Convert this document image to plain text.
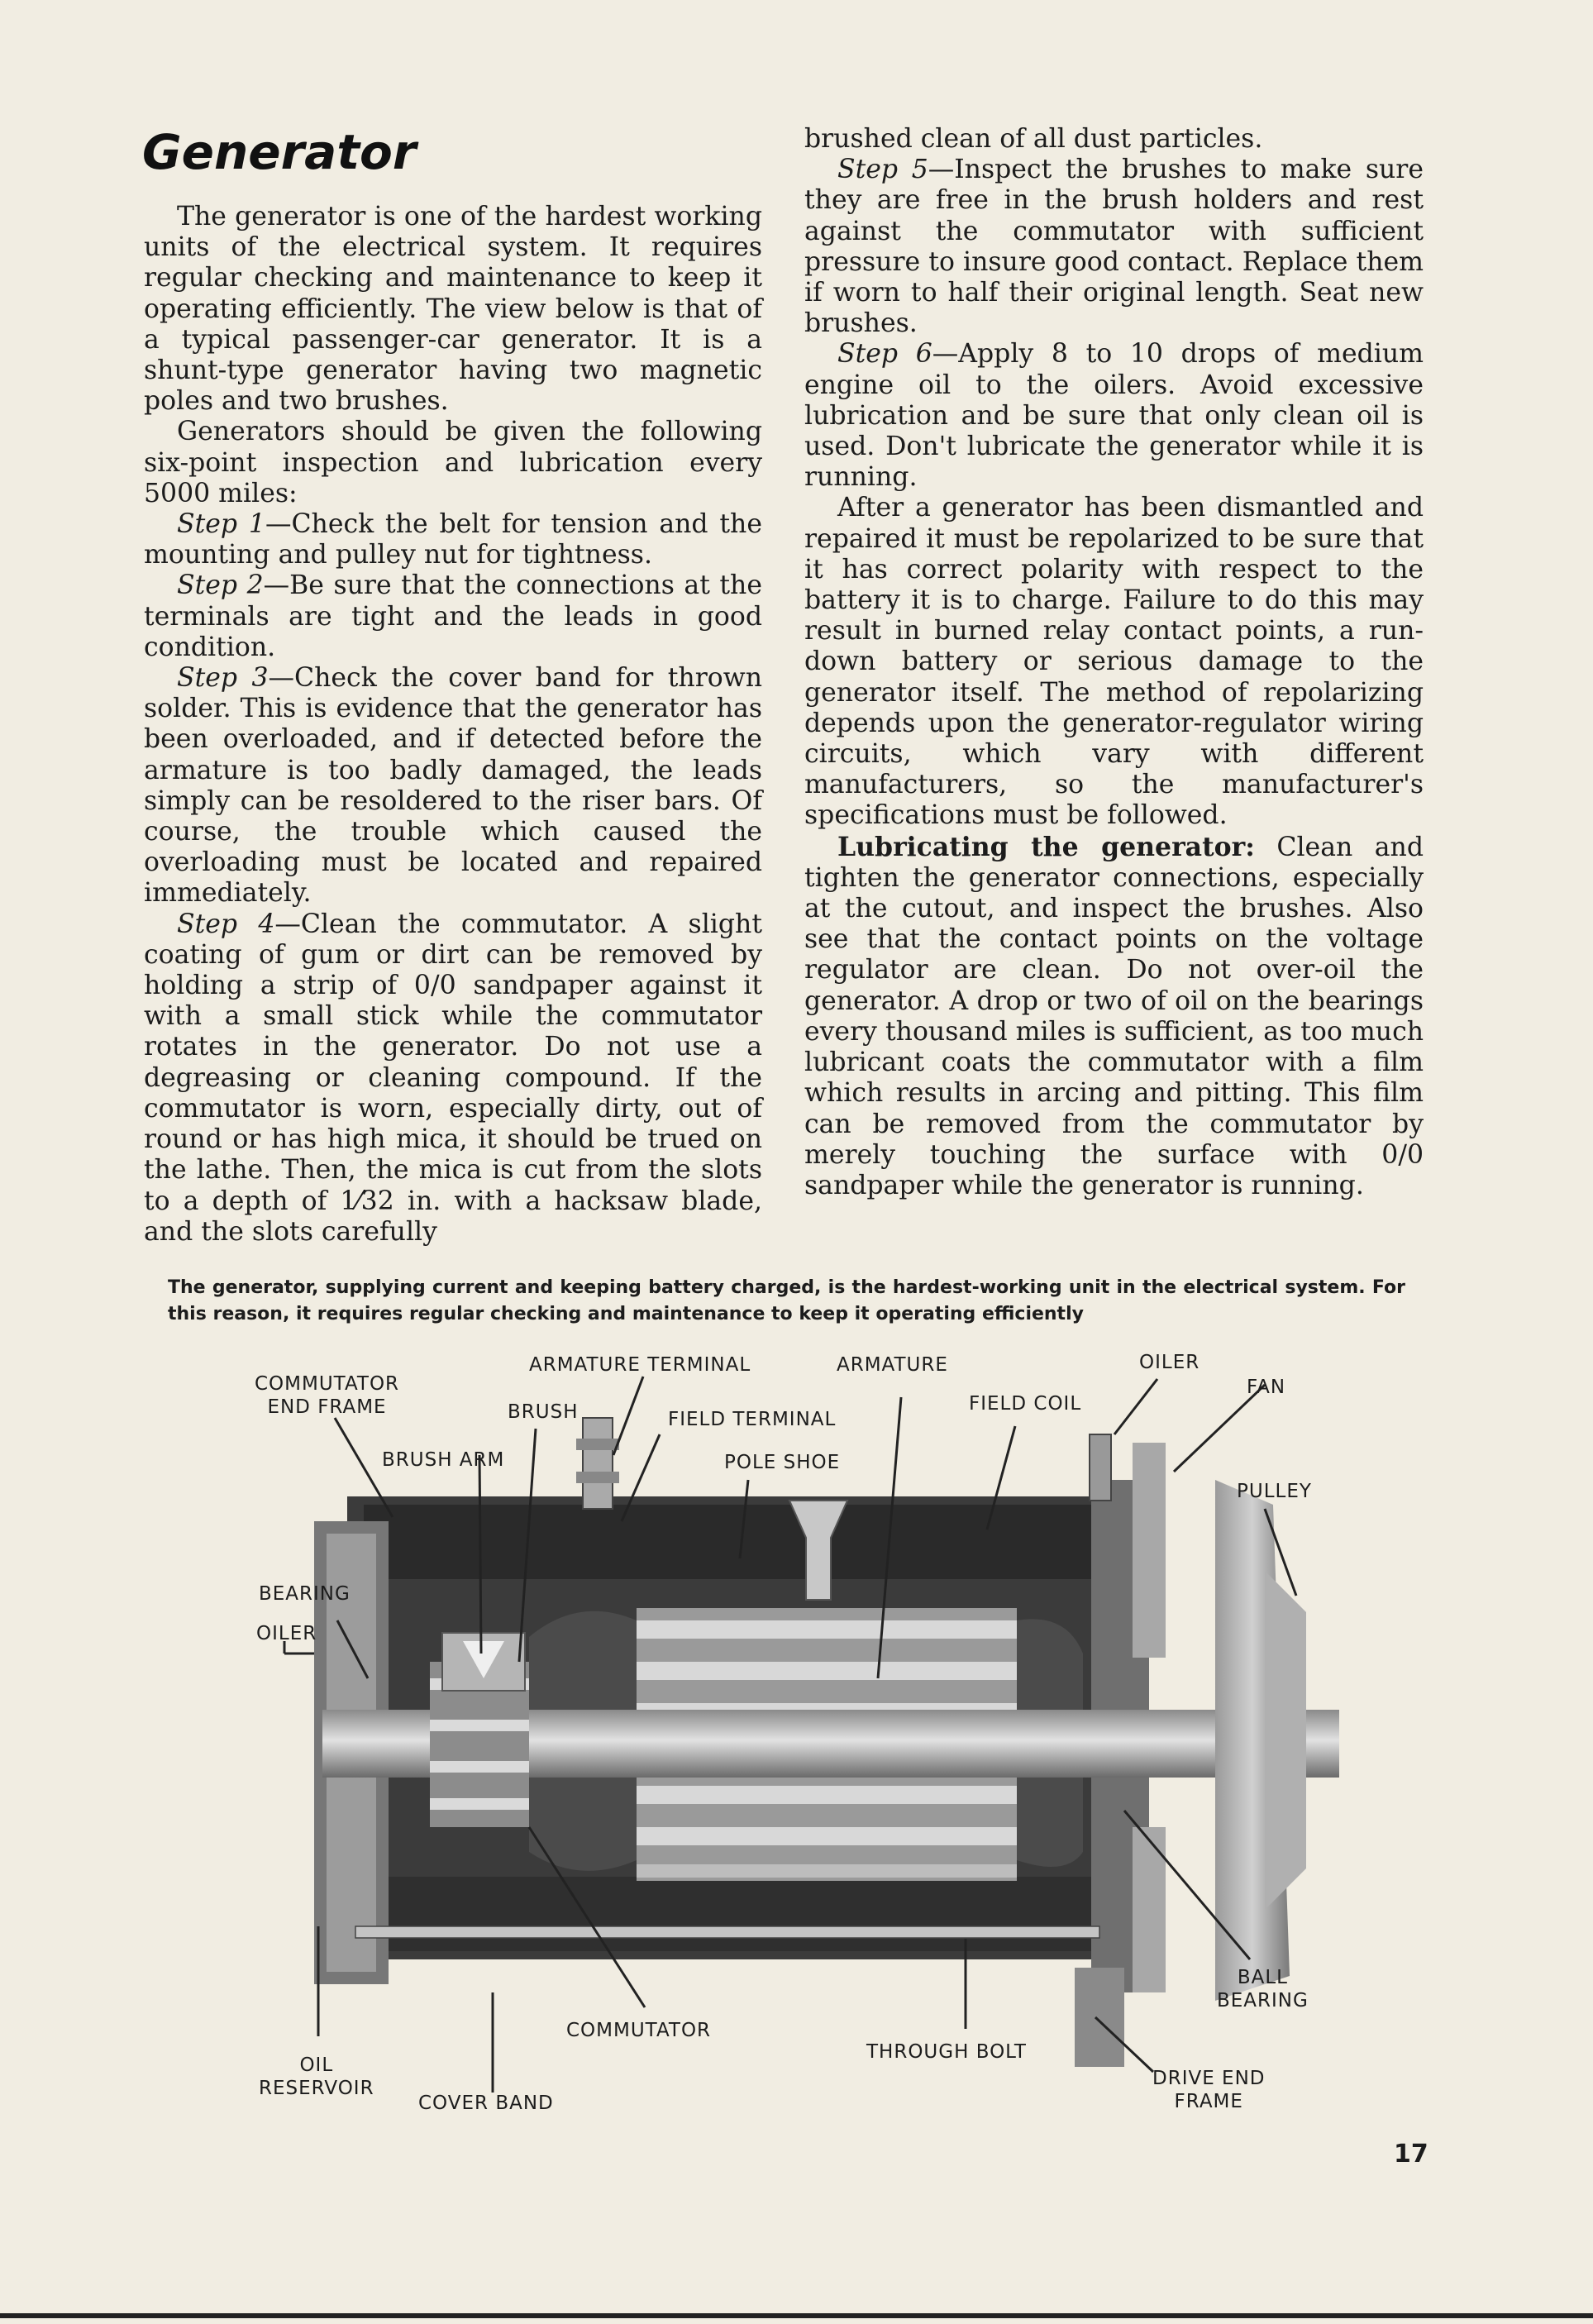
Generator

The generator is one of the hardest working units of the electrical system. It requires regular checking and maintenance to keep it operating efficiently. The view below is that of a typical passenger-car generator. It is a shunt-type generator having two magnetic poles and two brushes.

Generators should be given the following six-point inspection and lubrication every 5000 miles:

Step 1—Check the belt for tension and the mounting and pulley nut for tightness.

Step 2—Be sure that the connections at the terminals are tight and the leads in good condition.

Step 3—Check the cover band for thrown solder. This is evidence that the generator has been overloaded, and if detected before the armature is too badly damaged, the leads simply can be resoldered to the riser bars. Of course, the trouble which caused the overloading must be located and repaired immediately.

Step 4—Clean the commutator. A slight coating of gum or dirt can be removed by holding a strip of 0/0 sandpaper against it with a small stick while the commutator rotates in the generator. Do not use a degreasing or cleaning compound. If the commutator is worn, especially dirty, out of round or has high mica, it should be trued on the lathe. Then, the mica is cut from the slots to a depth of 1⁄32 in. with a hacksaw blade, and the slots carefully

brushed clean of all dust particles.

Step 5—Inspect the brushes to make sure they are free in the brush holders and rest against the commutator with sufficient pressure to insure good contact. Replace them if worn to half their original length. Seat new brushes.

Step 6—Apply 8 to 10 drops of medium engine oil to the oilers. Avoid excessive lubrication and be sure that only clean oil is used. Don't lubricate the generator while it is running.

After a generator has been dismantled and repaired it must be repolarized to be sure that it has correct polarity with respect to the battery it is to charge. Failure to do this may result in burned relay contact points, a run-down battery or serious damage to the generator itself. The method of repolarizing depends upon the generator-regulator wiring circuits, which vary with different manufacturers, so the manufacturer's specifications must be followed.

Lubricating the generator: Clean and tighten the generator connections, especially at the cutout, and inspect the brushes. Also see that the contact points on the voltage regulator are clean. Do not over-oil the generator. A drop or two of oil on the bearings every thousand miles is sufficient, as too much lubricant coats the commutator with a film which results in arcing and pitting. This film can be removed from the commutator by merely touching the surface with 0/0 sandpaper while the generator is running.

The generator, supplying current and keeping battery charged, is the hardest-working unit in the electrical system. For this reason, it requires regular checking and maintenance to keep it operating efficiently
COMMUTATOR
END FRAME
ARMATURE TERMINAL
BRUSH	FIELD TERMINAL
ARMATURE
FIELD COIL
OILER
FAN
BRUSH ARM	POLE SHOE
PULLEY
BEARING
OILER
BALL
BEARING
COMMUTATOR
THROUGH BOLT
OIL
RESERVOIR
COVER BAND
DRIVE END
FRAME
17
